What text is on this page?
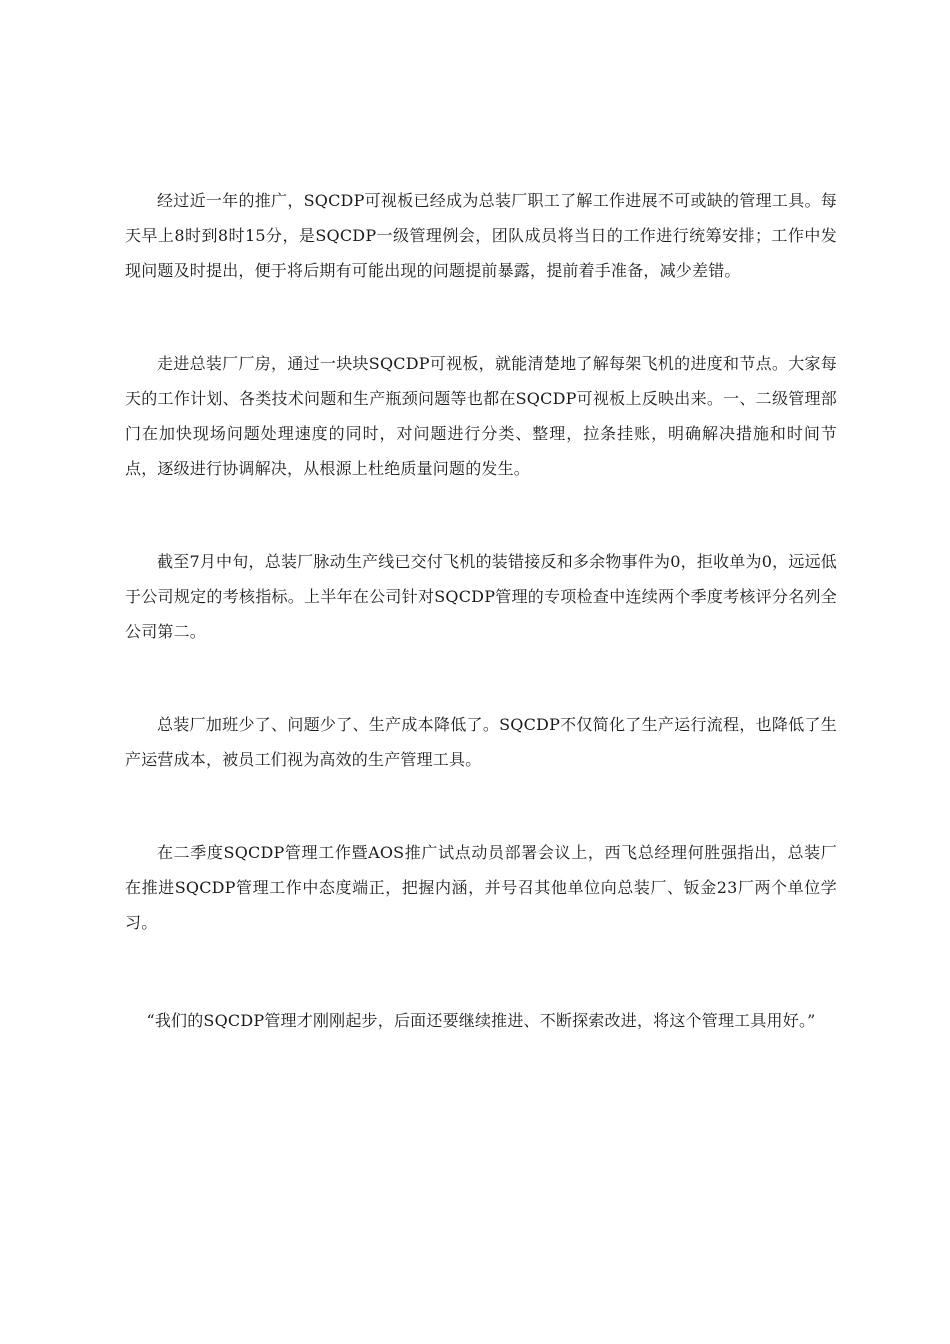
经过近一年的推广，SQCDP可视板已经成为总装厂职工了解工作进展不可或缺的管理工具。每天早上8时到8时15分，是SQCDP一级管理例会，团队成员将当日的工作进行统筹安排；工作中发现问题及时提出，便于将后期有可能出现的问题提前暴露，提前着手准备，减少差错。

走进总装厂厂房，通过一块块SQCDP可视板，就能清楚地了解每架飞机的进度和节点。大家每天的工作计划、各类技术问题和生产瓶颈问题等也都在SQCDP可视板上反映出来。一、二级管理部门在加快现场问题处理速度的同时，对问题进行分类、整理，拉条挂账，明确解决措施和时间节点，逐级进行协调解决，从根源上杜绝质量问题的发生。

截至7月中旬，总装厂脉动生产线已交付飞机的装错接反和多余物事件为0，拒收单为0，远远低于公司规定的考核指标。上半年在公司针对SQCDP管理的专项检查中连续两个季度考核评分名列全公司第二。

总装厂加班少了、问题少了、生产成本降低了。SQCDP不仅简化了生产运行流程，也降低了生产运营成本，被员工们视为高效的生产管理工具。

在二季度SQCDP管理工作暨AOS推广试点动员部署会议上，西飞总经理何胜强指出，总装厂在推进SQCDP管理工作中态度端正，把握内涵，并号召其他单位向总装厂、钣金23厂两个单位学习。

“我们的SQCDP管理才刚刚起步，后面还要继续推进、不断探索改进，将这个管理工具用好。”
